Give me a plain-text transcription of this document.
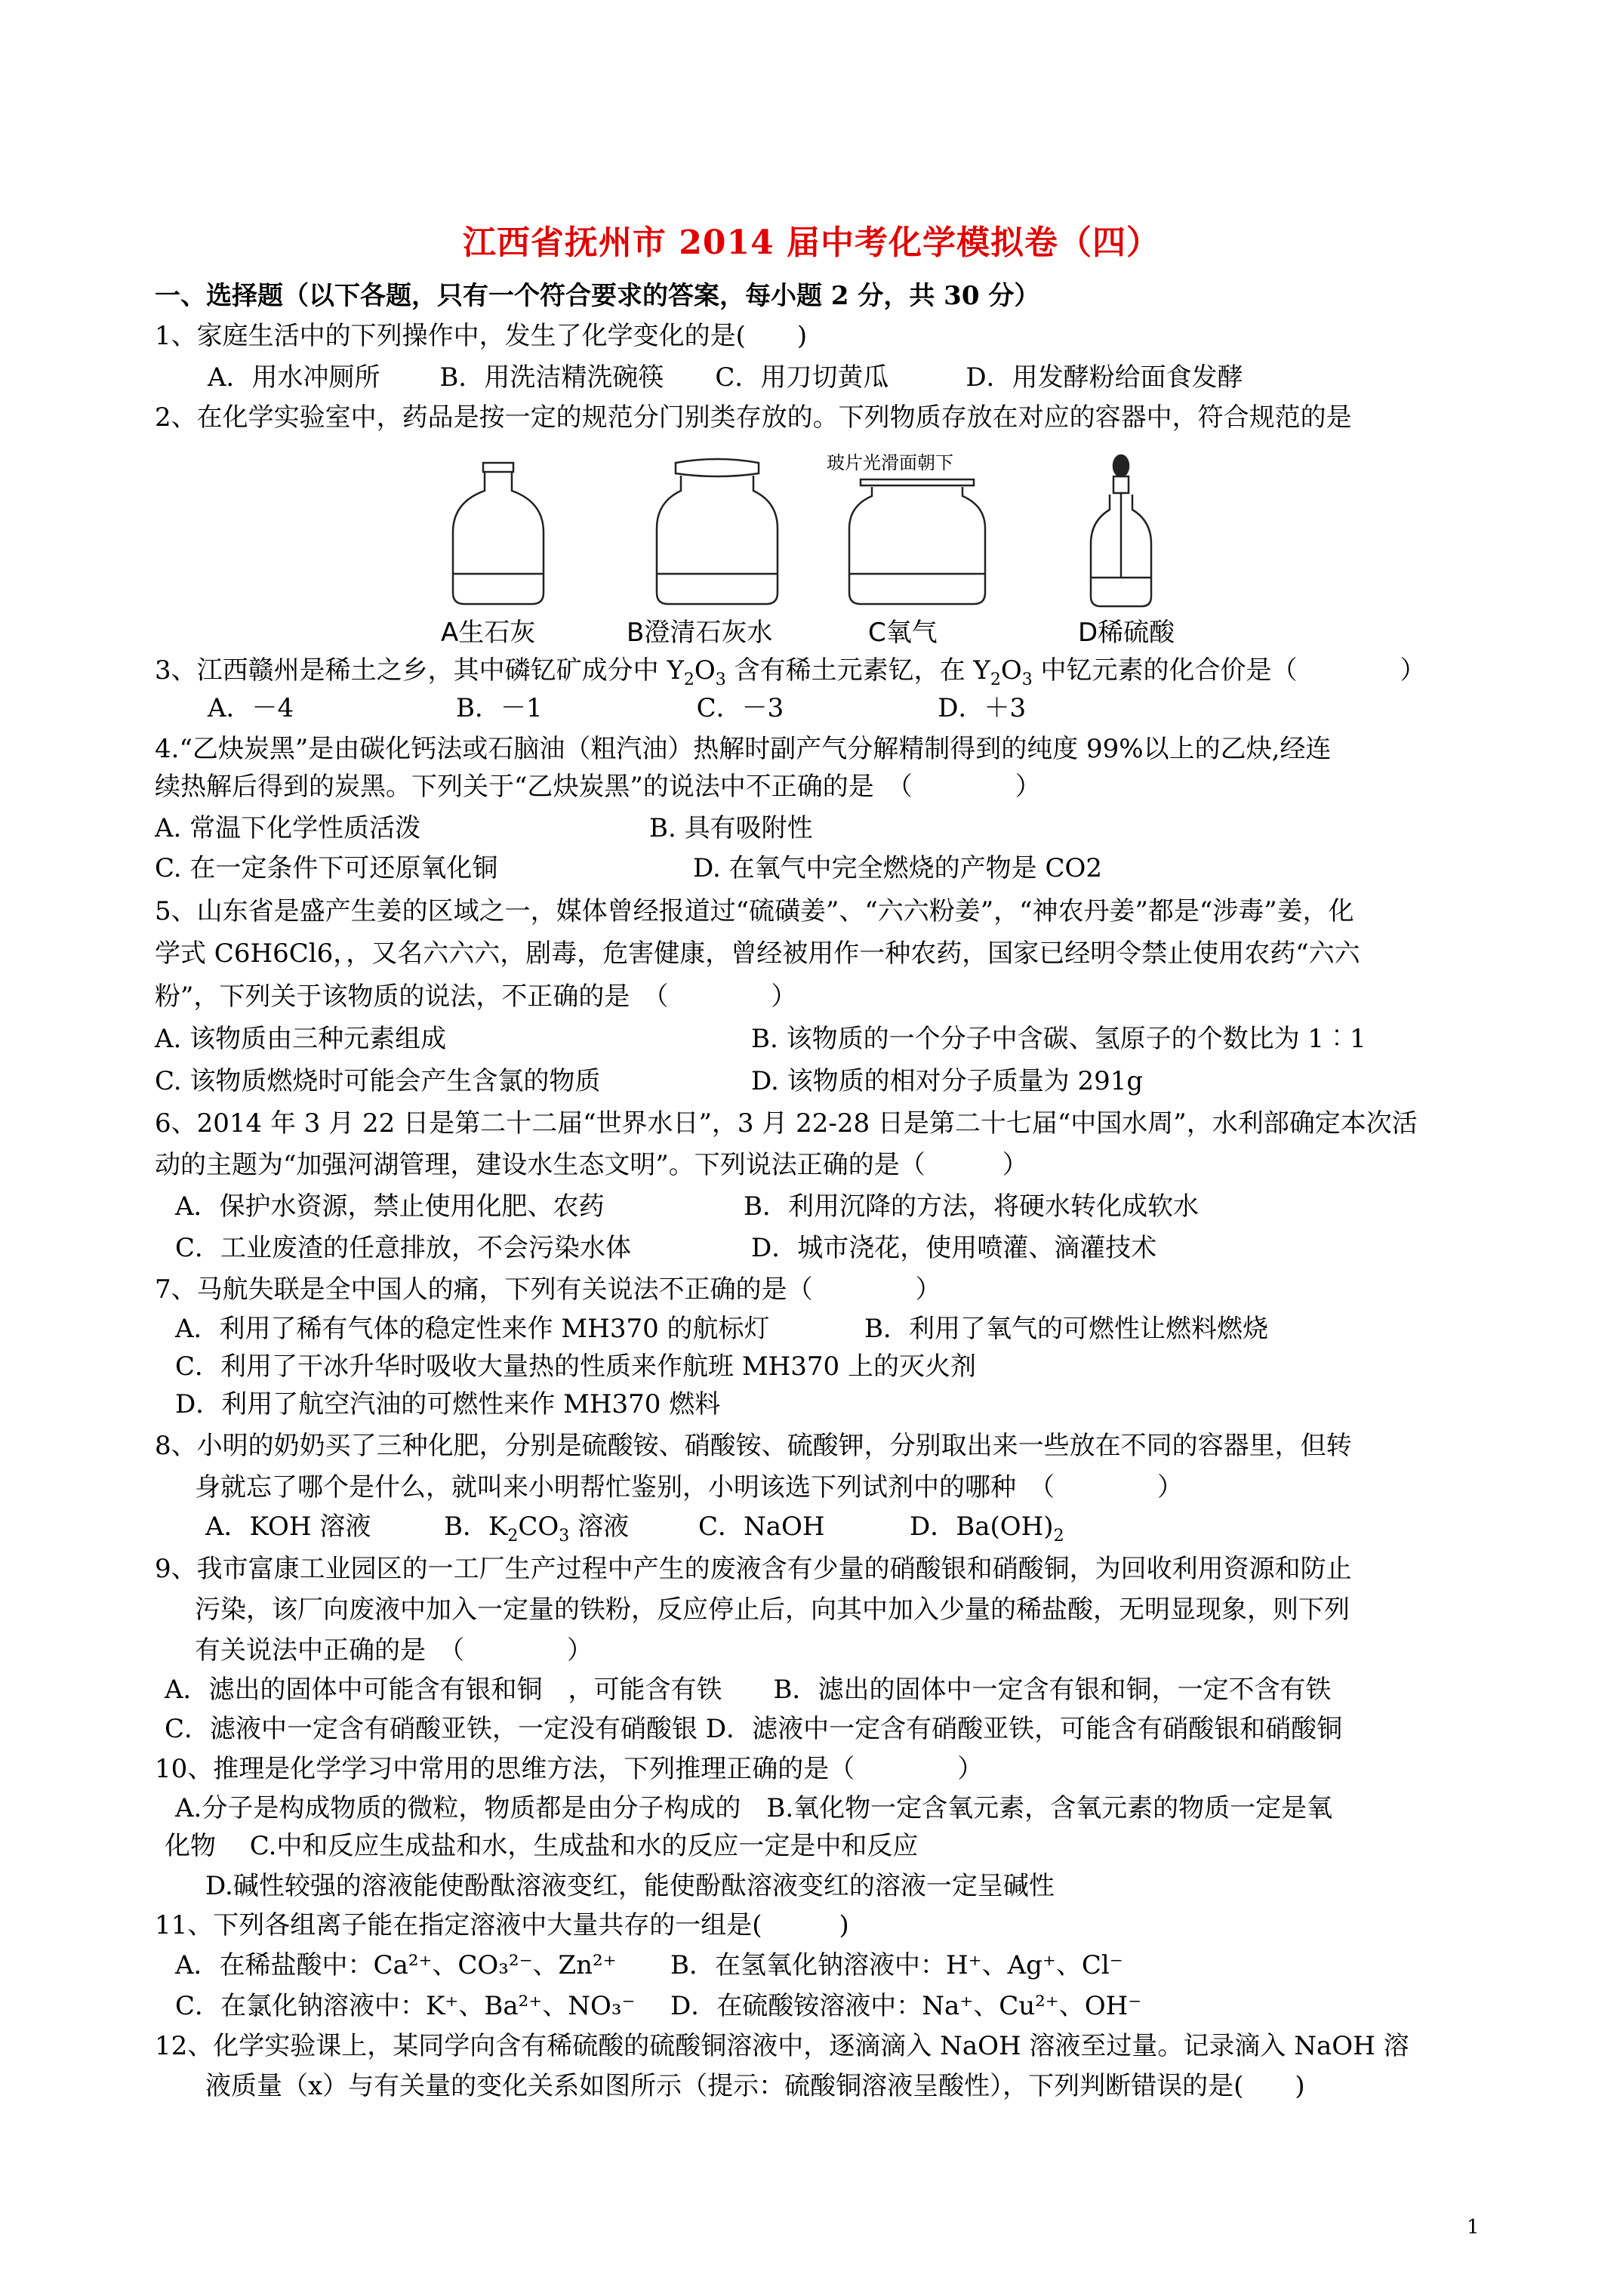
江西省抚州市 2014 届中考化学模拟卷（四）
一、选择题（以下各题，只有一个符合要求的答案，每小题 2 分，共 30 分）
1、家庭生活中的下列操作中，发生了化学变化的是(　　)
A．用水冲厕所　　 B．用洗洁精洗碗筷　　C．用刀切黄瓜　　　D．用发酵粉给面食发酵
2、在化学实验室中，药品是按一定的规范分门别类存放的。下列物质存放在对应的容器中，符合规范的是
玻片光滑面朝下
A生石灰	B澄清石灰水	C氧气	D稀硫酸
3、江西赣州是稀土之乡，其中磷钇矿成分中 $Y_2O_3$ 含有稀土元素钇，在 $Y_2O_3$ 中钇元素的化合价是（　　　　）
A．－4　　　　　　 B．－1　　　　　　C．－3　　　　　　D．＋3
4.“乙炔炭黑”是由碳化钙法或石脑油（粗汽油）热解时副产气分解精制得到的纯度 99%以上的乙炔,经连
续热解后得到的炭黑。下列关于“乙炔炭黑”的说法中不正确的是　（　　　　）
A. 常温下化学性质活泼	B. 具有吸附性
C. 在一定条件下可还原氧化铜	D. 在氧气中完全燃烧的产物是 CO2
5、山东省是盛产生姜的区域之一，媒体曾经报道过“硫磺姜”、“六六粉姜”，“神农丹姜”都是“涉毒”姜，化
学式 C6H6Cl6，，又名六六六，剧毒，危害健康，曾经被用作一种农药，国家已经明令禁止使用农药“六六
粉”，下列关于该物质的说法，不正确的是　（　　　　）
A. 该物质由三种元素组成	B. 该物质的一个分子中含碳、氢原子的个数比为 1︰1
C. 该物质燃烧时可能会产生含氯的物质	D. 该物质的相对分子质量为 291g
6、2014 年 3 月 22 日是第二十二届“世界水日”，3 月 22-28 日是第二十七届“中国水周”，水利部确定本次活
动的主题为“加强河湖管理，建设水生态文明”。下列说法正确的是（　　　）
A．保护水资源，禁止使用化肥、农药	B．利用沉降的方法，将硬水转化成软水
C．工业废渣的任意排放，不会污染水体	D．城市浇花，使用喷灌、滴灌技术
7、马航失联是全中国人的痛，下列有关说法不正确的是（　　　　）
A．利用了稀有气体的稳定性来作 MH370 的航标灯	B．利用了氧气的可燃性让燃料燃烧
C．利用了干冰升华时吸收大量热的性质来作航班 MH370 上的灭火剂
D．利用了航空汽油的可燃性来作 MH370 燃料
8、小明的奶奶买了三种化肥，分别是硫酸铵、硝酸铵、硫酸钾，分别取出来一些放在不同的容器里，但转
身就忘了哪个是什么，就叫来小明帮忙鉴别，小明该选下列试剂中的哪种　（　　　　）
A．KOH 溶液	B．$K_2CO_3$ 溶液	C．NaOH	D．$Ba(OH)_2$
9、我市富康工业园区的一工厂生产过程中产生的废液含有少量的硝酸银和硝酸铜，为回收利用资源和防止
污染，该厂向废液中加入一定量的铁粉，反应停止后，向其中加入少量的稀盐酸，无明显现象，则下列
有关说法中正确的是　（　　　　）
A．滤出的固体中可能含有银和铜　，可能含有铁　　B．滤出的固体中一定含有银和铜，一定不含有铁
C．滤液中一定含有硝酸亚铁，一定没有硝酸银 D．滤液中一定含有硝酸亚铁，可能含有硝酸银和硝酸铜
10、推理是化学学习中常用的思维方法，下列推理正确的是（　　　　）
A.分子是构成物质的微粒，物质都是由分子构成的　B.氧化物一定含氧元素，含氧元素的物质一定是氧
化物　 C.中和反应生成盐和水，生成盐和水的反应一定是中和反应
D.碱性较强的溶液能使酚酞溶液变红，能使酚酞溶液变红的溶液一定呈碱性
11、下列各组离子能在指定溶液中大量共存的一组是(　　　)
A．在稀盐酸中：Ca²⁺、CO₃²⁻、Zn²⁺ B．在氢氧化钠溶液中：H⁺、Ag⁺、Cl⁻
C．在氯化钠溶液中：K⁺、Ba²⁺、NO₃⁻ D．在硫酸铵溶液中：Na⁺、Cu²⁺、OH⁻
12、化学实验课上，某同学向含有稀硫酸的硫酸铜溶液中，逐滴滴入 NaOH 溶液至过量。记录滴入 NaOH 溶
液质量（x）与有关量的变化关系如图所示（提示：硫酸铜溶液呈酸性），下列判断错误的是(　　)
1
